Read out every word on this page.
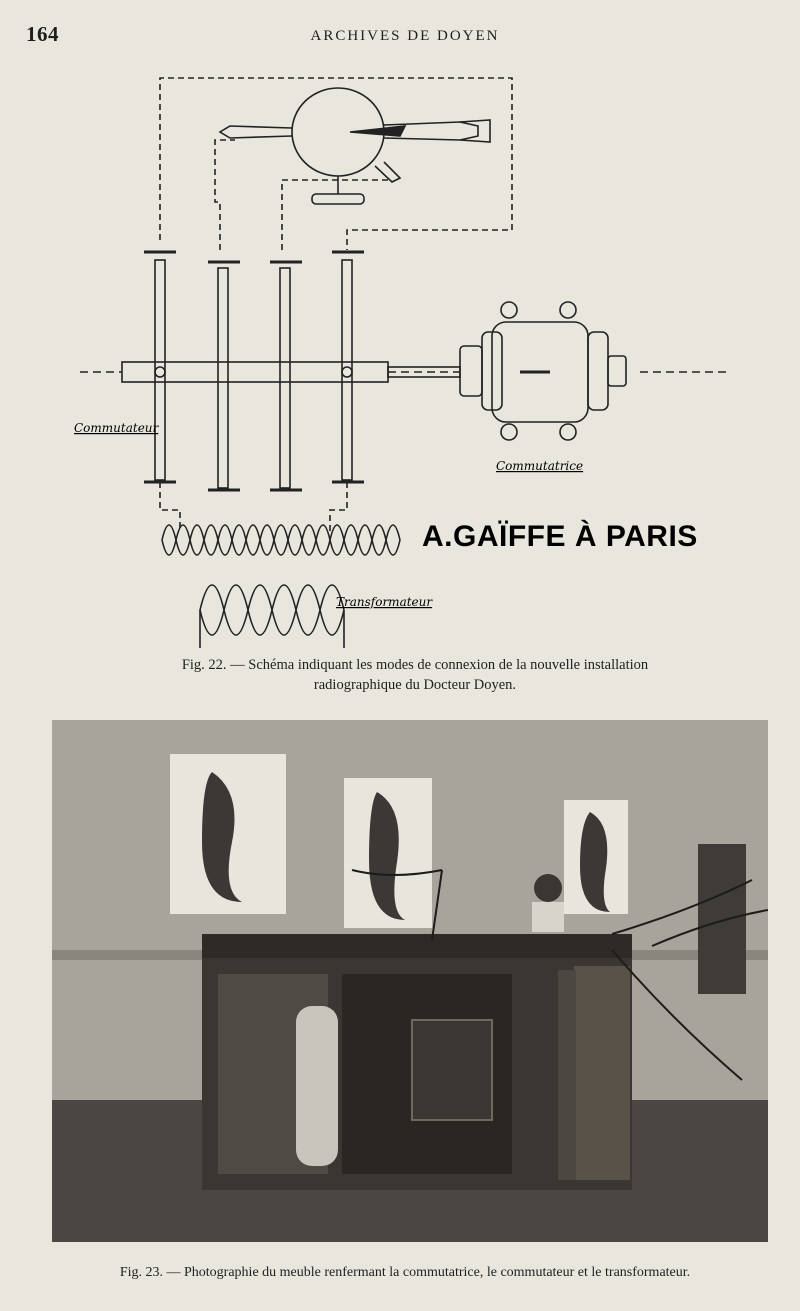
164	ARCHIVES DE DOYEN
Commutateur
Commutatrice
Transformateur
A.GAÏFFE À PARIS
Fig. 22. — Schéma indiquant les modes de connexion de la nouvelle installation
radiographique du Docteur Doyen.
Fig. 23. — Photographie du meuble renfermant la commutatrice, le commutateur et le transformateur.
